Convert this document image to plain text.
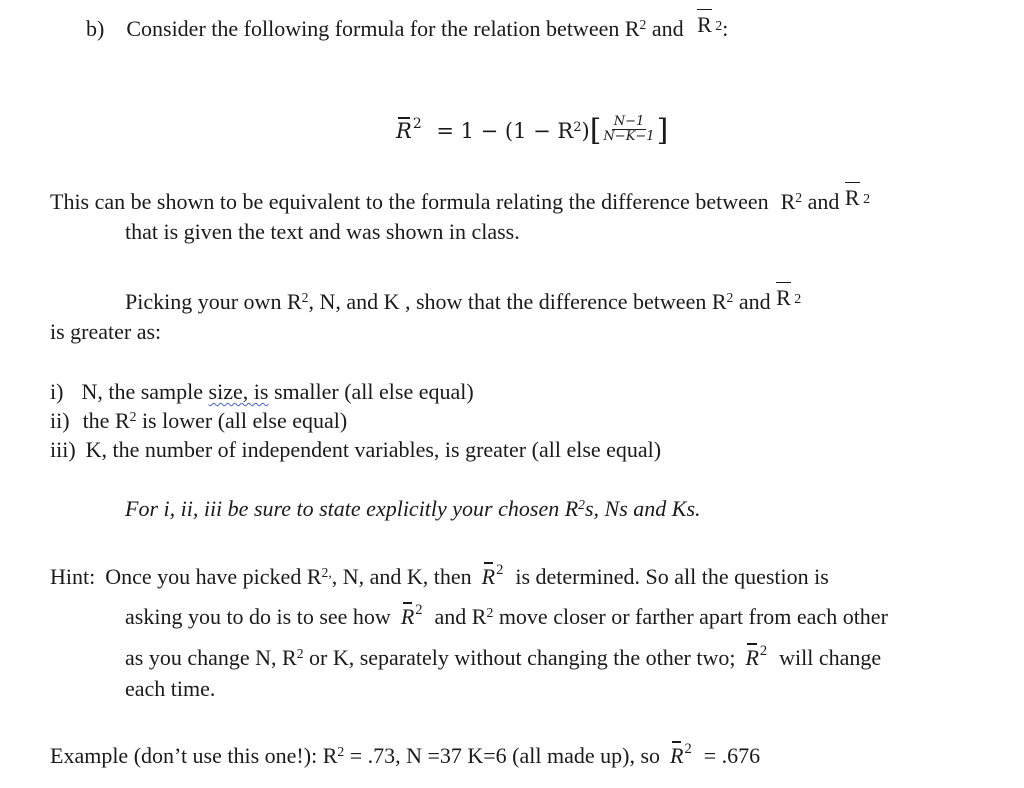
b) Consider the following formula for the relation between $R^2$ and R $^2$:
$R^2 = 1 - (1 - R^2)[ \frac{N-1}{N-K-1}$ ]
This can be shown to be equivalent to the formula relating the difference between $R^2$ and R $^2$
that is given the text and was shown in class.
Picking your own $R^2$, N, and K , show that the difference between $R^2$ and R $^2$
is greater as:
i) N, the sample size, is smaller (all else equal)
ii) the $R^2$ is lower (all else equal)
iii) K, the number of independent variables, is greater (all else equal)
For i, ii, iii be sure to state explicitly your chosen $R^2s$, Ns and Ks.
Hint: Once you have picked $R^{2,}$, N, and K, then $R^2$ is determined. So all the question is
asking you to do is to see how $R^2$ and $R^2$ move closer or farther apart from each other
as you change N, $R^2$ or K, separately without changing the other two; $R^2$ will change
each time.
Example (don’t use this one!): $R^2 = .73$, N =37 K=6 (all made up), so $R^2 = .676$
